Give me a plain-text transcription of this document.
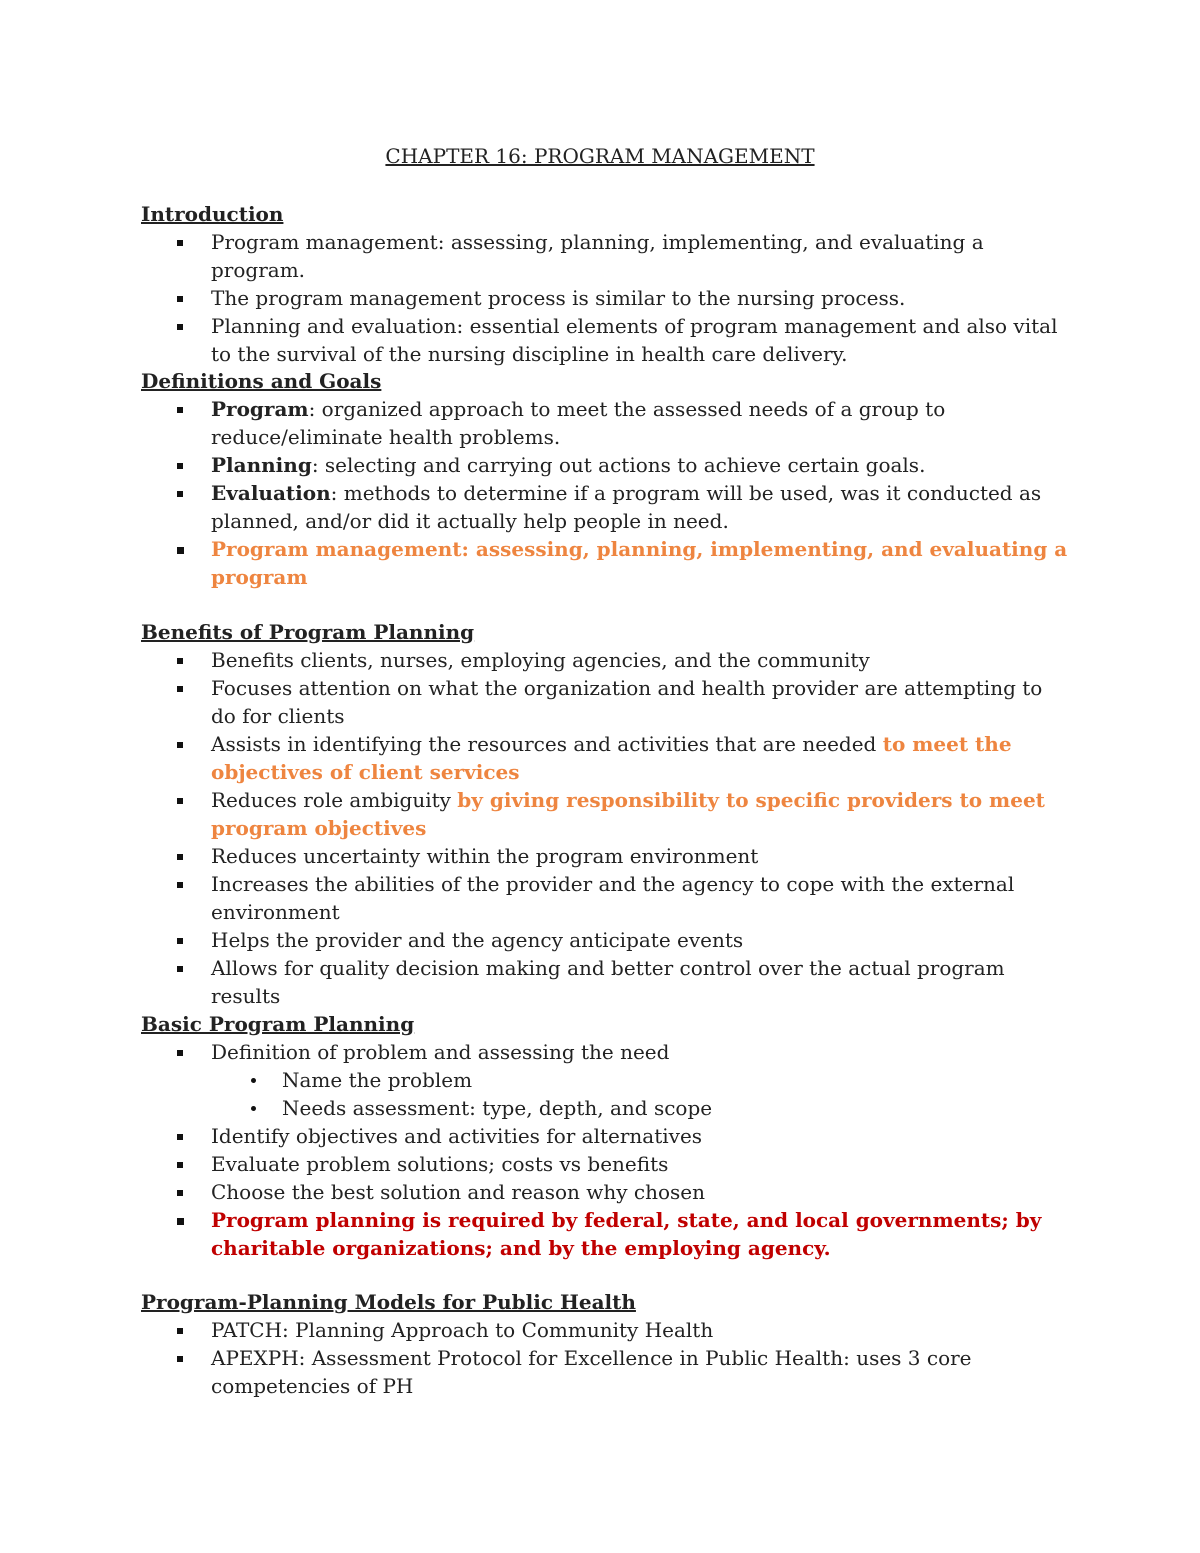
CHAPTER 16: PROGRAM MANAGEMENT
Introduction
Program management: assessing, planning, implementing, and evaluating a program.
The program management process is similar to the nursing process.
Planning and evaluation: essential elements of program management and also vital to the survival of the nursing discipline in health care delivery.
Definitions and Goals
Program: organized approach to meet the assessed needs of a group to reduce/eliminate health problems.
Planning: selecting and carrying out actions to achieve certain goals.
Evaluation: methods to determine if a program will be used, was it conducted as planned, and/or did it actually help people in need.
Program management: assessing, planning, implementing, and evaluating a program
Benefits of Program Planning
Benefits clients, nurses, employing agencies, and the community
Focuses attention on what the organization and health provider are attempting to do for clients
Assists in identifying the resources and activities that are needed to meet the objectives of client services
Reduces role ambiguity by giving responsibility to specific providers to meet program objectives
Reduces uncertainty within the program environment
Increases the abilities of the provider and the agency to cope with the external environment
Helps the provider and the agency anticipate events
Allows for quality decision making and better control over the actual program results
Basic Program Planning
Definition of problem and assessing the need
Name the problem
Needs assessment: type, depth, and scope
Identify objectives and activities for alternatives
Evaluate problem solutions; costs vs benefits
Choose the best solution and reason why chosen
Program planning is required by federal, state, and local governments; by charitable organizations; and by the employing agency.
Program-Planning Models for Public Health
PATCH: Planning Approach to Community Health
APEXPH: Assessment Protocol for Excellence in Public Health: uses 3 core competencies of PH
